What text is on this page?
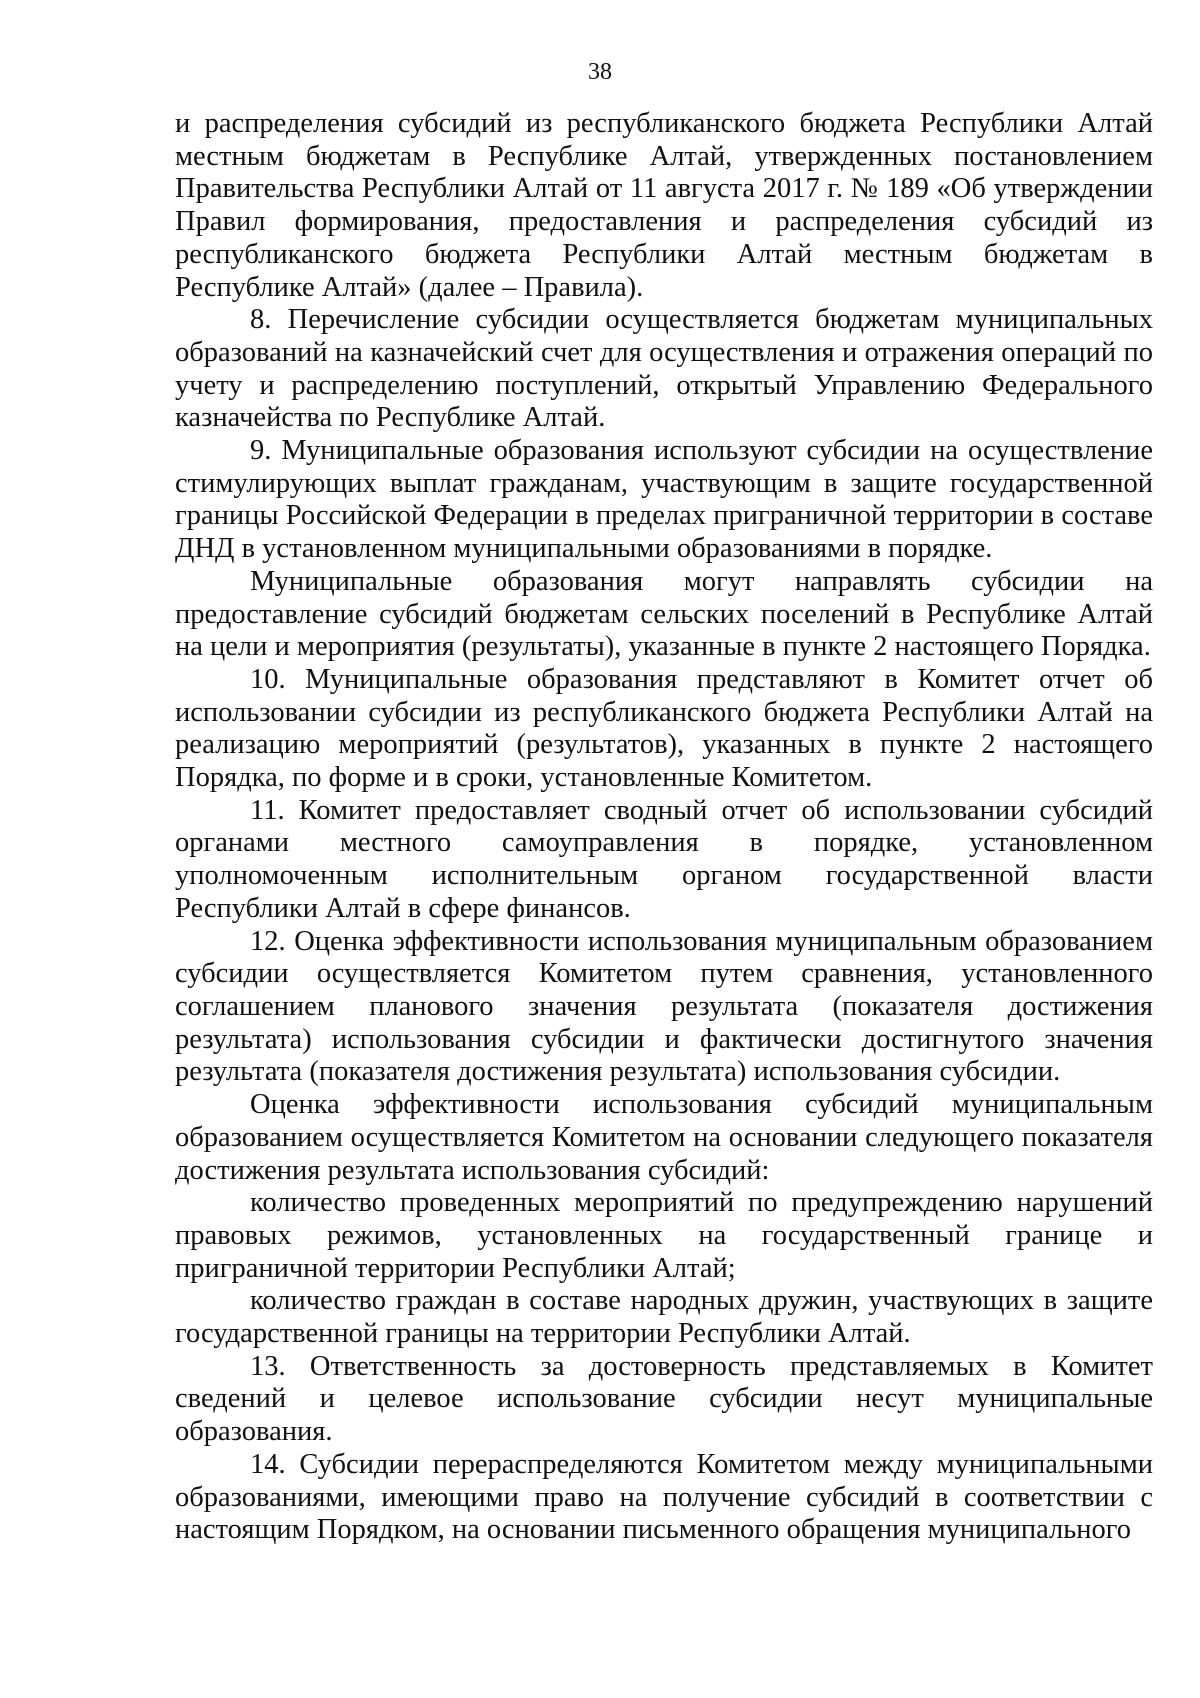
38

и распределения субсидий из республиканского бюджета Республики Алтай местным бюджетам в Республике Алтай, утвержденных постановлением Правительства Республики Алтай от 11 августа 2017 г. № 189 «Об утверждении Правил формирования, предоставления и распределения субсидий из республиканского бюджета Республики Алтай местным бюджетам в Республике Алтай» (далее – Правила).

8. Перечисление субсидии осуществляется бюджетам муниципальных образований на казначейский счет для осуществления и отражения операций по учету и распределению поступлений, открытый Управлению Федерального казначейства по Республике Алтай.

9. Муниципальные образования используют субсидии на осуществление стимулирующих выплат гражданам, участвующим в защите государственной границы Российской Федерации в пределах приграничной территории в составе ДНД в установленном муниципальными образованиями в порядке.

Муниципальные образования могут направлять субсидии на предоставление субсидий бюджетам сельских поселений в Республике Алтай на цели и мероприятия (результаты), указанные в пункте 2 настоящего Порядка.

10. Муниципальные образования представляют в Комитет отчет об использовании субсидии из республиканского бюджета Республики Алтай на реализацию мероприятий (результатов), указанных в пункте 2 настоящего Порядка, по форме и в сроки, установленные Комитетом.

11. Комитет предоставляет сводный отчет об использовании субсидий органами местного самоуправления в порядке, установленном уполномоченным исполнительным органом государственной власти Республики Алтай в сфере финансов.

12. Оценка эффективности использования муниципальным образованием субсидии осуществляется Комитетом путем сравнения, установленного соглашением планового значения результата (показателя достижения результата) использования субсидии и фактически достигнутого значения результата (показателя достижения результата) использования субсидии.

Оценка эффективности использования субсидий муниципальным образованием осуществляется Комитетом на основании следующего показателя достижения результата использования субсидий:

количество проведенных мероприятий по предупреждению нарушений правовых режимов, установленных на государственный границе и приграничной территории Республики Алтай;

количество граждан в составе народных дружин, участвующих в защите государственной границы на территории Республики Алтай.

13. Ответственность за достоверность представляемых в Комитет сведений и целевое использование субсидии несут муниципальные образования.

14. Субсидии перераспределяются Комитетом между муниципальными образованиями, имеющими право на получение субсидий в соответствии с настоящим Порядком, на основании письменного обращения муниципального
